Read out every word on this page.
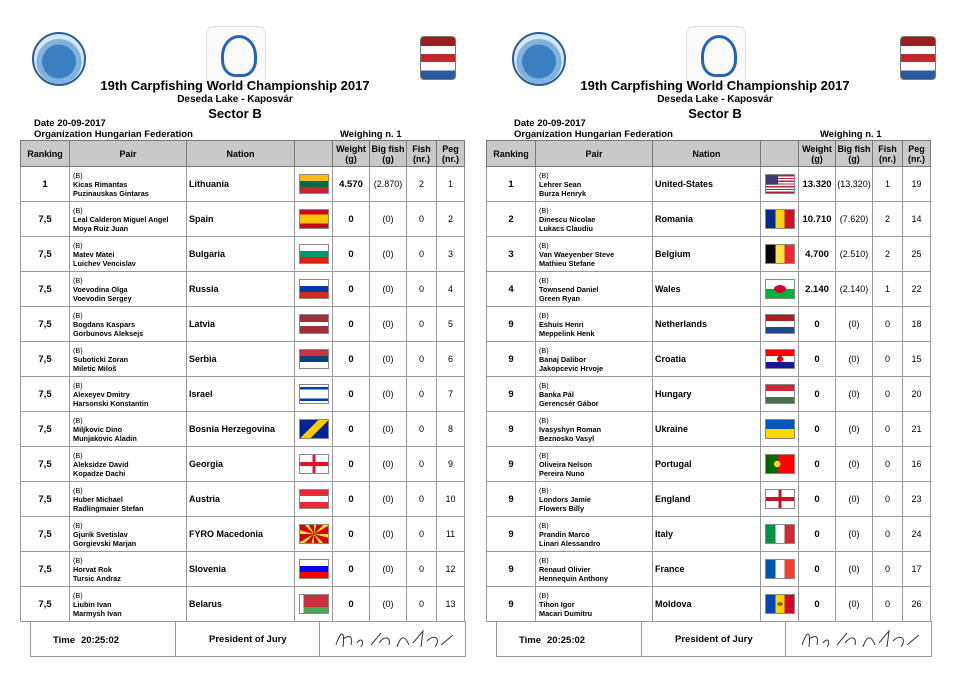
19th Carpfishing World Championship 2017
Deseda Lake - Kaposvár
Sector B
Date 20-09-2017
Organization Hungarian Federation	Weighing n. 1
Ranking	Pair	Nation		Weight (g)	Big fish (g)	Fish (nr.)	Peg (nr.)
1	(B)
Kicas Rimantas
Puzinauskas Gintaras	Lithuania		4.570	(2.870)	2	1
7,5	(B)
Leal Calderon Miguel Angel
Moya Ruiz Juan	Spain		0	(0)	0	2
7,5	(B)
Matev Matei
Luichev Vencislav	Bulgaria		0	(0)	0	3
7,5	(B)
Voevodina Olga
Voevodin Sergey	Russia		0	(0)	0	4
7,5	(B)
Bogdans Kaspars
Gorbunovs Aleksejs	Latvia		0	(0)	0	5
7,5	(B)
Suboticki Zoran
Miletic Miloš	Serbia		0	(0)	0	6
7,5	(B)
Alexeyev Dmitry
Harsonski Konstantin	Israel		0	(0)	0	7
7,5	(B)
Miljkovic Dino
Munjakovic Aladin	Bosnia Herzegovina		0	(0)	0	8
7,5	(B)
Aleksidze David
Kopadze Dachi	Georgia		0	(0)	0	9
7,5	(B)
Huber Michael
Radlingmaier Stefan	Austria		0	(0)	0	10
7,5	(B)
Gjurik Svetislav
Gorgievski Marjan	FYRO Macedonia		0	(0)	0	11
7,5	(B)
Horvat Rok
Tursic Andraz	Slovenia		0	(0)	0	12
7,5	(B)
Liubin Ivan
Marmysh Ivan	Belarus		0	(0)	0	13
Time 20:25:02	President of Jury
19th Carpfishing World Championship 2017
Deseda Lake - Kaposvár
Sector B
Date 20-09-2017
Organization Hungarian Federation	Weighing n. 1
Ranking	Pair	Nation		Weight (g)	Big fish (g)	Fish (nr.)	Peg (nr.)
1	(B)
Lehrer Sean
Burza Henryk	United-States		13.320	(13.320)	1	19
2	(B)
Dinescu Nicolae
Lukacs Claudiu	Romania		10.710	(7.620)	2	14
3	(B)
Van Waeyenber Steve
Mathieu Stefane	Belgium		4.700	(2.510)	2	25
4	(B)
Townsend Daniel
Green Ryan	Wales		2.140	(2.140)	1	22
9	(B)
Eshuis Henri
Meppelink Henk	Netherlands		0	(0)	0	18
9	(B)
Banaj Dalibor
Jakopcevic Hrvoje	Croatia		0	(0)	0	15
9	(B)
Banka Pál
Gerencsér Gábor	Hungary		0	(0)	0	20
9	(B)
Ivasyshyn Roman
Beznosko Vasyl	Ukraine		0	(0)	0	21
9	(B)
Oliveira Nelson
Pereira Nuno	Portugal		0	(0)	0	16
9	(B)
Londors Jamie
Flowers Billy	England		0	(0)	0	23
9	(B)
Prandin Marco
Linari Alessandro	Italy		0	(0)	0	24
9	(B)
Renaud Olivier
Hennequin Anthony	France		0	(0)	0	17
9	(B)
Tihon Igor
Macari Dumitru	Moldova		0	(0)	0	26
Time 20:25:02	President of Jury
